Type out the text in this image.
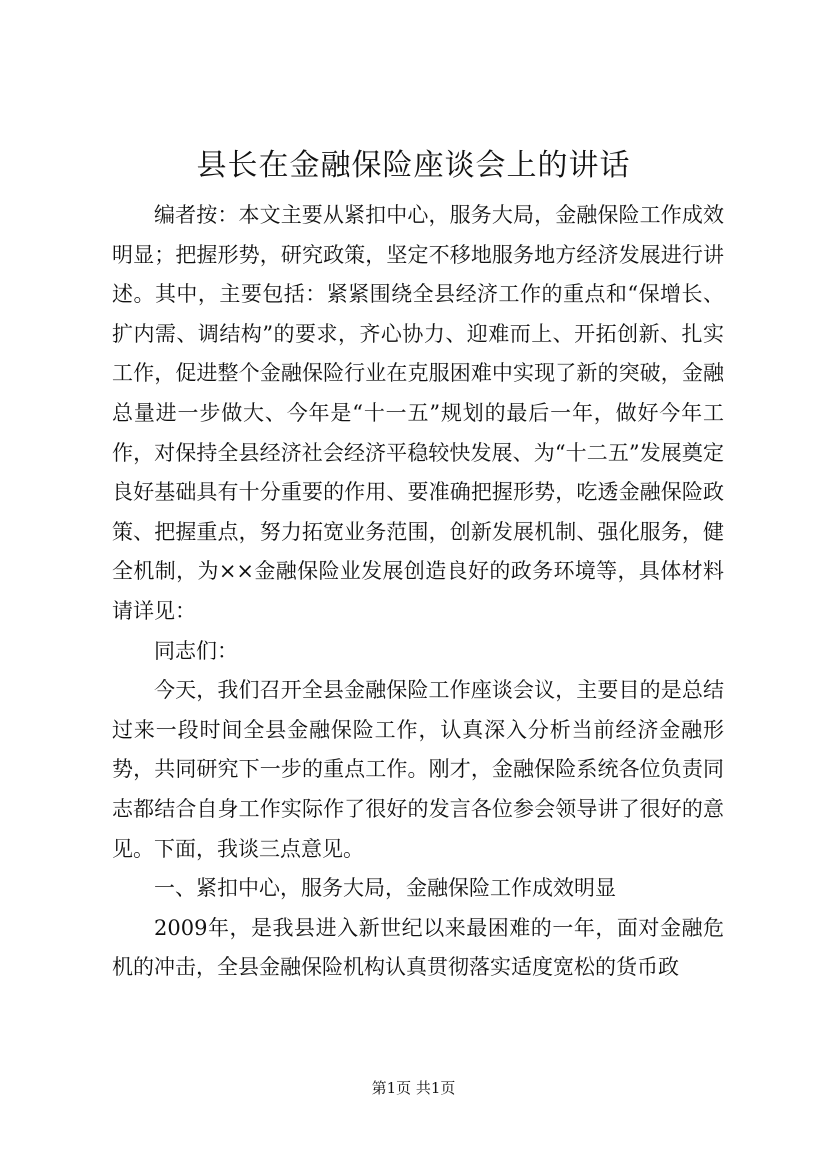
县长在金融保险座谈会上的讲话

编者按：本文主要从紧扣中心，服务大局，金融保险工作成效明显；把握形势，研究政策，坚定不移地服务地方经济发展进行讲述。其中，主要包括：紧紧围绕全县经济工作的重点和“保增长、扩内需、调结构”的要求，齐心协力、迎难而上、开拓创新、扎实工作，促进整个金融保险行业在克服困难中实现了新的突破，金融总量进一步做大、今年是“十一五”规划的最后一年，做好今年工作，对保持全县经济社会经济平稳较快发展、为“十二五”发展奠定良好基础具有十分重要的作用、要准确把握形势，吃透金融保险政策、把握重点，努力拓宽业务范围，创新发展机制、强化服务，健全机制，为××金融保险业发展创造良好的政务环境等，具体材料请详见：

同志们：

今天，我们召开全县金融保险工作座谈会议，主要目的是总结过来一段时间全县金融保险工作，认真深入分析当前经济金融形势，共同研究下一步的重点工作。刚才，金融保险系统各位负责同志都结合自身工作实际作了很好的发言各位参会领导讲了很好的意见。下面，我谈三点意见。

一、紧扣中心，服务大局，金融保险工作成效明显

2009年，是我县进入新世纪以来最困难的一年，面对金融危机的冲击，全县金融保险机构认真贯彻落实适度宽松的货币政

第1页 共1页
